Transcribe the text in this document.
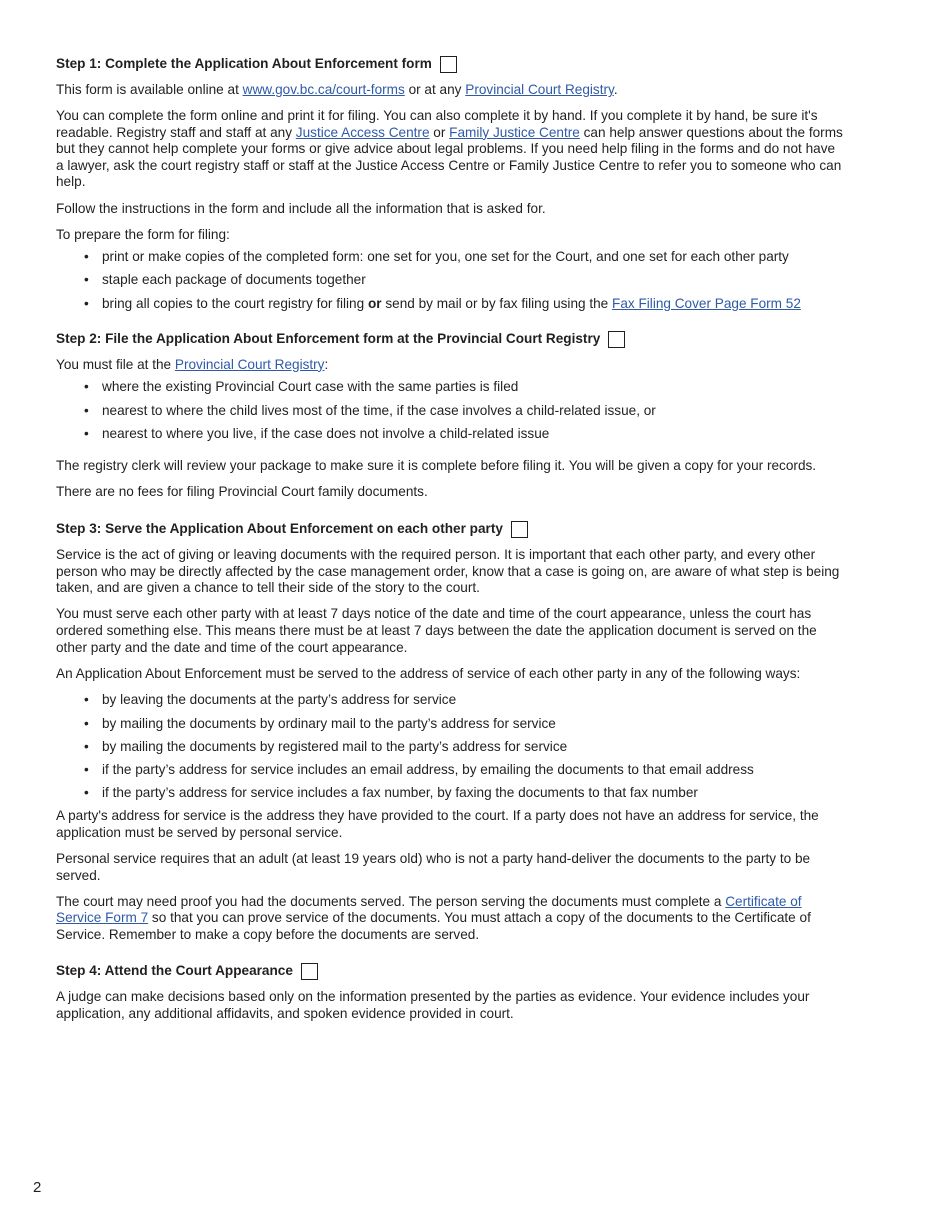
Step 1: Complete the Application About Enforcement form

This form is available online at www.gov.bc.ca/court-forms or at any Provincial Court Registry.

You can complete the form online and print it for filing. You can also complete it by hand. If you complete it by hand, be sure it's readable. Registry staff and staff at any Justice Access Centre or Family Justice Centre can help answer questions about the forms but they cannot help complete your forms or give advice about legal problems. If you need help filing in the forms and do not have a lawyer, ask the court registry staff or staff at the Justice Access Centre or Family Justice Centre to refer you to someone who can help.

Follow the instructions in the form and include all the information that is asked for.

To prepare the form for filing:

• print or make copies of the completed form: one set for you, one set for the Court, and one set for each other party
• staple each package of documents together
• bring all copies to the court registry for filing or send by mail or by fax filing using the Fax Filing Cover Page Form 52
Step 2: File the Application About Enforcement form at the Provincial Court Registry

You must file at the Provincial Court Registry:

• where the existing Provincial Court case with the same parties is filed
• nearest to where the child lives most of the time, if the case involves a child-related issue, or
• nearest to where you live, if the case does not involve a child-related issue

The registry clerk will review your package to make sure it is complete before filing it. You will be given a copy for your records.

There are no fees for filing Provincial Court family documents.

Step 3: Serve the Application About Enforcement on each other party

Service is the act of giving or leaving documents with the required person. It is important that each other party, and every other person who may be directly affected by the case management order, know that a case is going on, are aware of what step is being taken, and are given a chance to tell their side of the story to the court.

You must serve each other party with at least 7 days notice of the date and time of the court appearance, unless the court has ordered something else. This means there must be at least 7 days between the date the application document is served on the other party and the date and time of the court appearance.

An Application About Enforcement must be served to the address of service of each other party in any of the following ways:

• by leaving the documents at the party’s address for service
• by mailing the documents by ordinary mail to the party’s address for service
• by mailing the documents by registered mail to the party’s address for service
• if the party’s address for service includes an email address, by emailing the documents to that email address
• if the party’s address for service includes a fax number, by faxing the documents to that fax number

A party's address for service is the address they have provided to the court. If a party does not have an address for service, the application must be served by personal service.

Personal service requires that an adult (at least 19 years old) who is not a party hand-deliver the documents to the party to be served.

The court may need proof you had the documents served. The person serving the documents must complete a Certificate of Service Form 7 so that you can prove service of the documents. You must attach a copy of the documents to the Certificate of Service. Remember to make a copy before the documents are served.

Step 4: Attend the Court Appearance

A judge can make decisions based only on the information presented by the parties as evidence. Your evidence includes your application, any additional affidavits, and spoken evidence provided in court.

2
